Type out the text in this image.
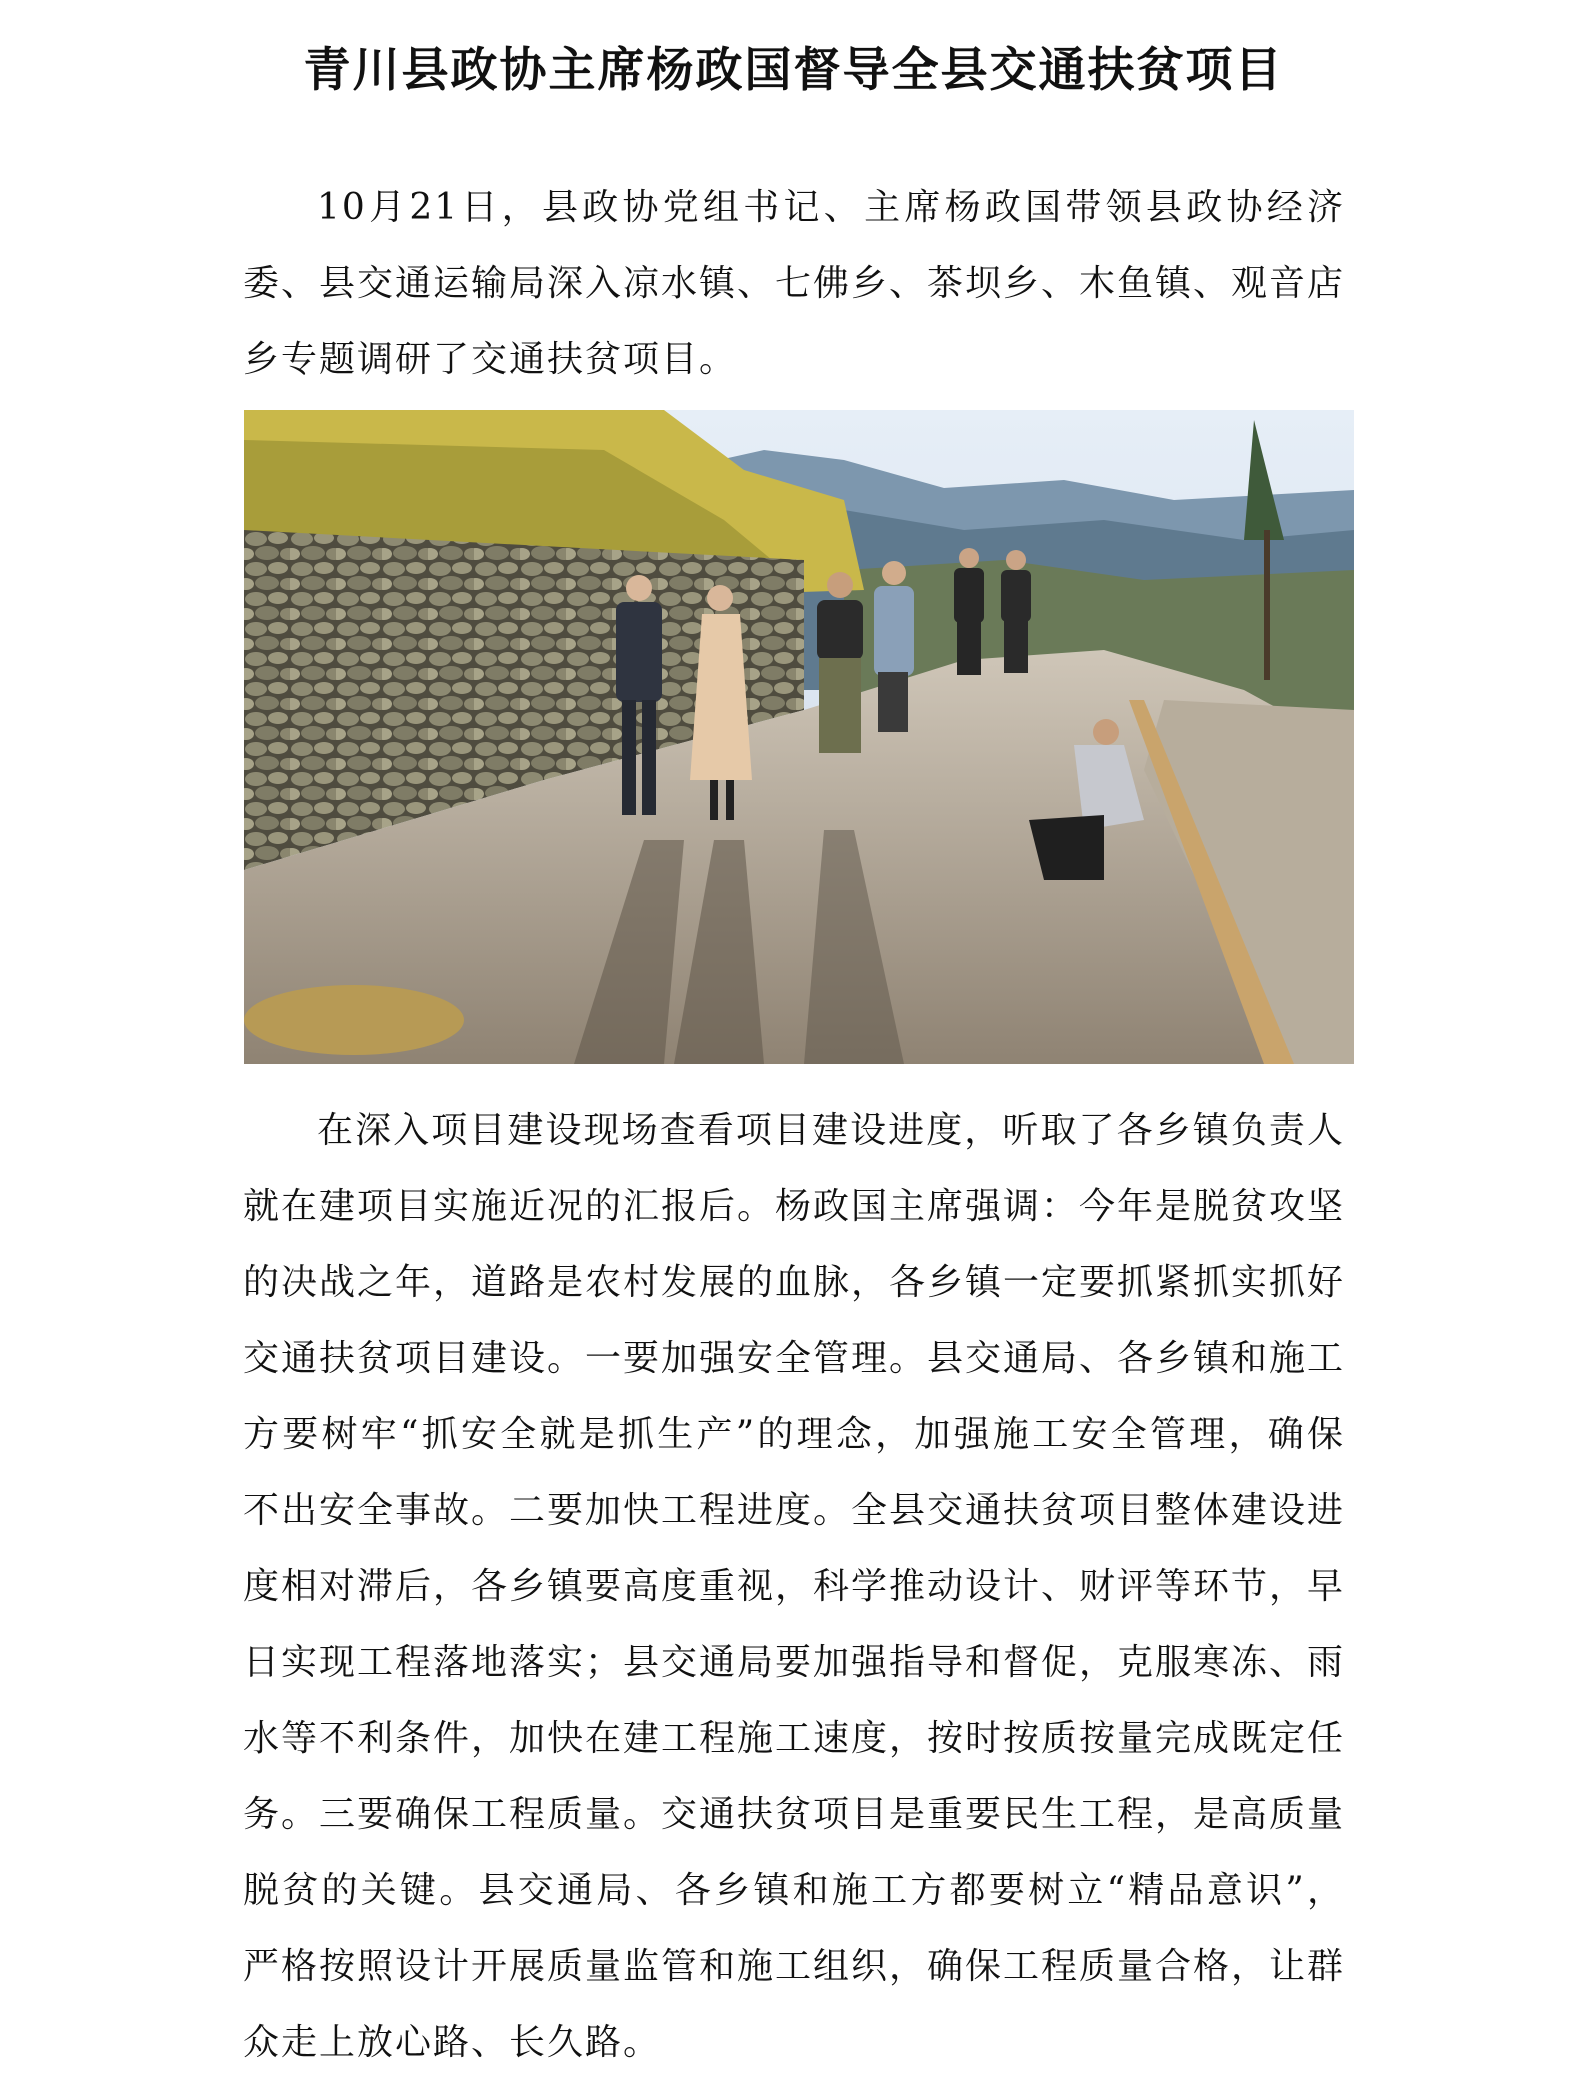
青川县政协主席杨政国督导全县交通扶贫项目

10月21日，县政协党组书记、主席杨政国带领县政协经济委、县交通运输局深入凉水镇、七佛乡、茶坝乡、木鱼镇、观音店乡专题调研了交通扶贫项目。

在深入项目建设现场查看项目建设进度，听取了各乡镇负责人就在建项目实施近况的汇报后。杨政国主席强调：今年是脱贫攻坚的决战之年，道路是农村发展的血脉，各乡镇一定要抓紧抓实抓好交通扶贫项目建设。一要加强安全管理。县交通局、各乡镇和施工方要树牢“抓安全就是抓生产”的理念，加强施工安全管理，确保不出安全事故。二要加快工程进度。全县交通扶贫项目整体建设进度相对滞后，各乡镇要高度重视，科学推动设计、财评等环节，早日实现工程落地落实；县交通局要加强指导和督促，克服寒冻、雨水等不利条件，加快在建工程施工速度，按时按质按量完成既定任务。三要确保工程质量。交通扶贫项目是重要民生工程，是高质量脱贫的关键。县交通局、各乡镇和施工方都要树立“精品意识”，严格按照设计开展质量监管和施工组织，确保工程质量合格，让群众走上放心路、长久路。
